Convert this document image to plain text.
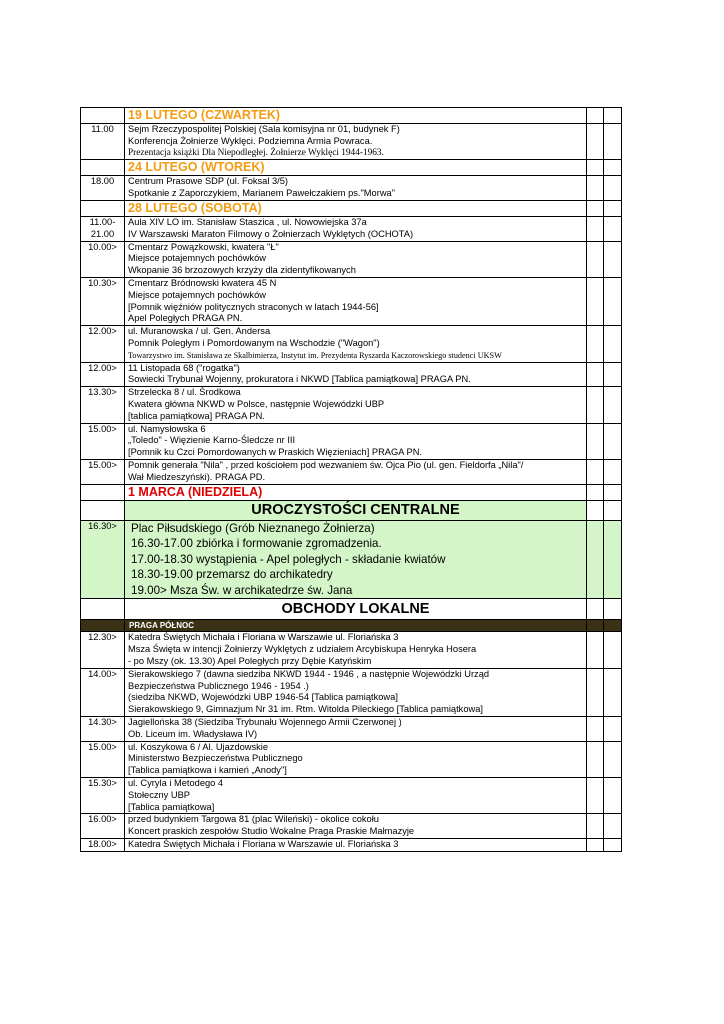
	19 LUTEGO (CZWARTEK)		

11.00	Sejm Rzeczypospolitej Polskiej (Sala komisyjna nr 01, budynek F)
Konferencja Żołnierze Wyklęci. Podziemna Armia Powraca.
Prezentacja książki Dla Niepodległej. Żołnierze Wyklęci 1944-1963.		

	24 LUTEGO (WTOREK)		

18.00	Centrum Prasowe SDP (ul. Foksal 3/5)
Spotkanie z Zaporczykiem, Marianem Pawełczakiem ps."Morwa"		

	28 LUTEGO (SOBOTA)		

11.00-
21.00	Aula XIV LO im. Stanisław Staszica , ul. Nowowiejska 37a
IV Warszawski Maraton Filmowy o Żołnierzach Wyklętych (OCHOTA)		

10.00>	Cmentarz Powązkowski, kwatera "Ł"
Miejsce potajemnych pochówków
Wkopanie 36 brzozowych krzyży dla zidentyfikowanych		

10.30>	Cmentarz Bródnowski kwatera 45 N
Miejsce potajemnych pochówków
[Pomnik więźniów politycznych straconych w latach 1944-56]
Apel Poległych PRAGA PN.		

12.00>	ul. Muranowska / ul. Gen. Andersa
Pomnik Poległym i Pomordowanym na Wschodzie ("Wagon")
Towarzystwo im. Stanisława ze Skalbimierza, Instytut im. Prezydenta Ryszarda Kaczorowskiego studenci UKSW		

12.00>	11 Listopada 68 ("rogatka")
Sowiecki Trybunał Wojenny, prokuratora i NKWD [Tablica pamiątkowa] PRAGA PN.		

13.30>	Strzelecka 8 / ul. Środkowa
Kwatera główna NKWD w Polsce, następnie Wojewódzki UBP
[tablica pamiątkowa] PRAGA PN.		

15.00>	ul. Namysłowska 6
„Toledo" - Więzienie Karno-Śledcze nr III
[Pomnik ku Czci Pomordowanych w Praskich Więzieniach] PRAGA PN.		

15.00>	Pomnik generała "Nila" , przed kościołem pod wezwaniem św. Ojca Pio (ul. gen. Fieldorfa „Nila"/
Wał Miedzeszyński). PRAGA PD.		

	1 MARCA (NIEDZIELA)		
	UROCZYSTOŚCI CENTRALNE		

16.30>	Plac Piłsudskiego (Grób Nieznanego Żołnierza)
16.30-17.00 zbiórka i formowanie zgromadzenia.
17.00-18.30 wystąpienia - Apel poległych - składanie kwiatów
18.30-19.00 przemarsz do archikatedry
19.00> Msza Św. w archikatedrze św. Jana		

	OBCHODY LOKALNE		
	PRAGA PÓŁNOC		

12.30>	Katedra Świętych Michała i Floriana w Warszawie ul. Floriańska 3
Msza Święta w intencji Żołnierzy Wyklętych z udziałem Arcybiskupa Henryka Hosera
- po Mszy (ok. 13.30) Apel Poległych przy Dębie Katyńskim		

14.00>	Sierakowskiego 7 (dawna siedziba NKWD 1944 - 1946 , a następnie Wojewódzki Urząd
Bezpieczeństwa Publicznego 1946 - 1954 .)
(siedziba NKWD, Wojewódzki UBP 1946-54 [Tablica pamiątkowa]
Sierakowskiego 9, Gimnazjum Nr 31 im. Rtm. Witolda Pileckiego [Tablica pamiątkowa]		

14.30>	Jagiellońska 38 (Siedziba Trybunału Wojennego Armii Czerwonej )
Ob. Liceum im. Władysława IV)		

15.00>	ul. Koszykowa 6 / Al. Ujazdowskie
Ministerstwo Bezpieczeństwa Publicznego
[Tablica pamiątkowa i kamień „Anody"]		

15.30>	ul. Cyryla i Metodego 4
Stołeczny UBP
[Tablica pamiątkowa]		

16.00>	przed budynkiem Targowa 81 (plac Wileński) - okolice cokołu
Koncert praskich zespołów Studio Wokalne Praga Praskie Małmazyje		

18.00>	Katedra Świętych Michała i Floriana w Warszawie ul. Floriańska 3		
